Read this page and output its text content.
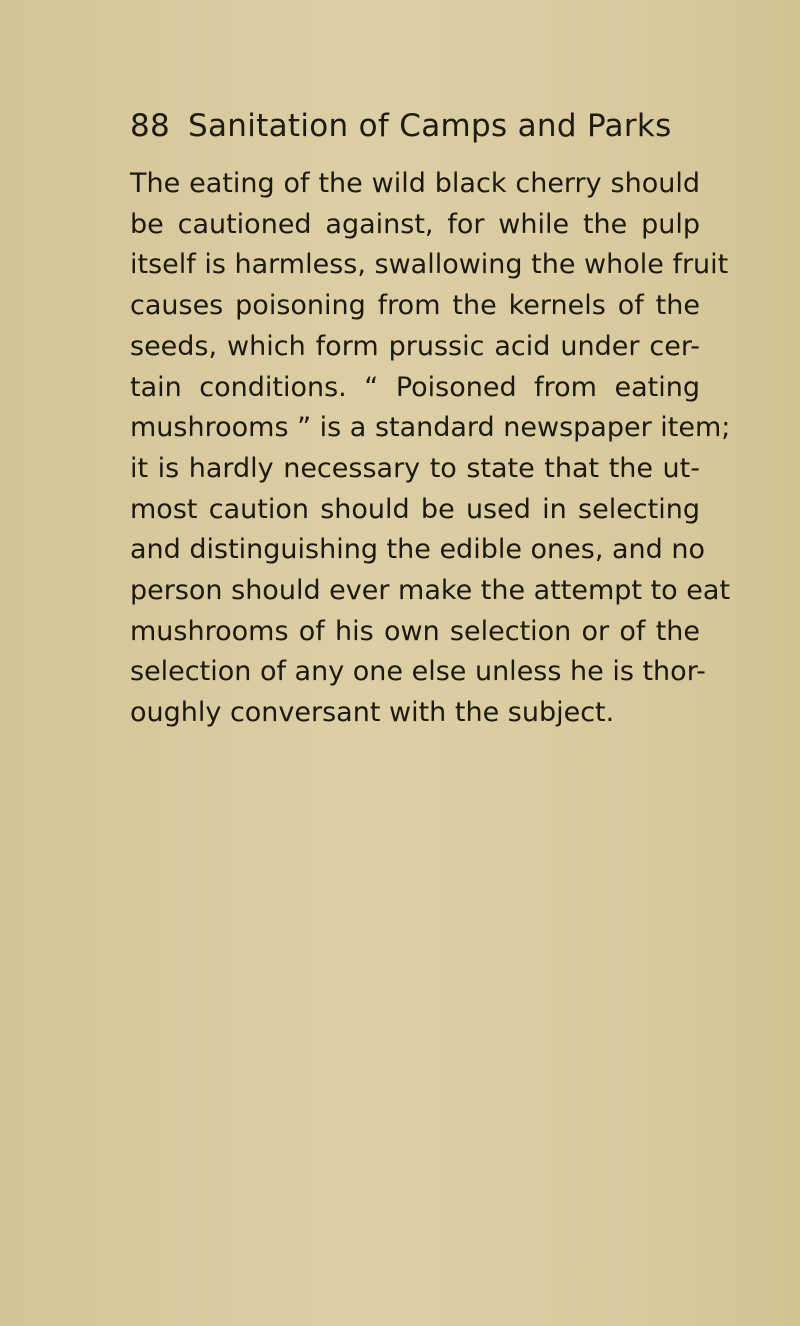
88 Sanitation of Camps and Parks
The eating of the wild black cherry should
be cautioned against, for while the pulp
itself is harmless, swallowing the whole fruit
causes poisoning from the kernels of the
seeds, which form prussic acid under cer-
tain conditions. “ Poisoned from eating
mushrooms ” is a standard newspaper item;
it is hardly necessary to state that the ut-
most caution should be used in selecting
and distinguishing the edible ones, and no
person should ever make the attempt to eat
mushrooms of his own selection or of the
selection of any one else unless he is thor-
oughly conversant with the subject.
